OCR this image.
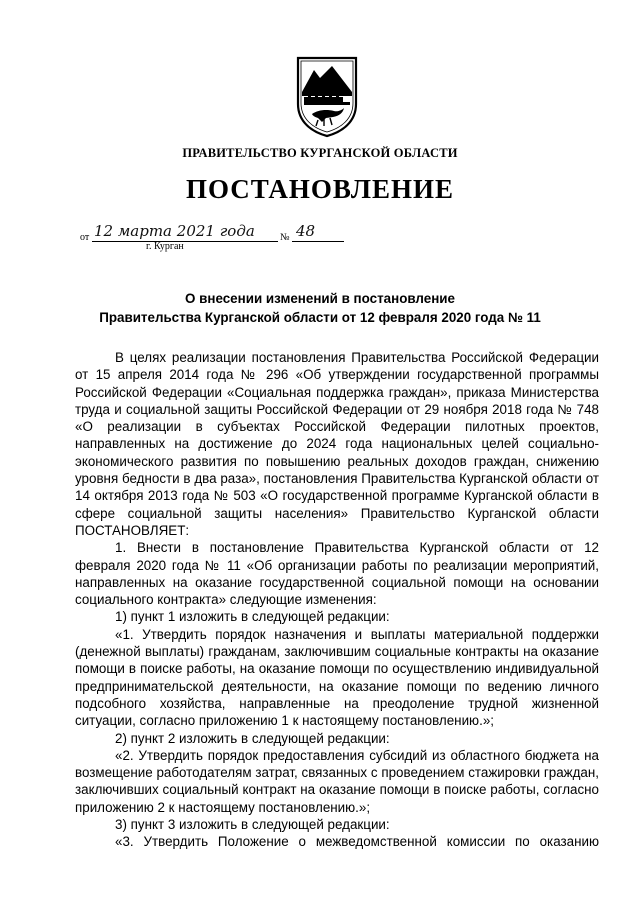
ПРАВИТЕЛЬСТВО КУРГАНСКОЙ ОБЛАСТИ
ПОСТАНОВЛЕНИЕ
от 12 марта 2021 года	№ 48
г. Курган
О внесении изменений в постановление
Правительства Курганской области от 12 февраля 2020 года № 11

В целях реализации постановления Правительства Российской Федерации от 15 апреля 2014 года № 296 «Об утверждении государственной программы Российской Федерации «Социальная поддержка граждан», приказа Министерства труда и социальной защиты Российской Федерации от 29 ноября 2018 года № 748 «О реализации в субъектах Российской Федерации пилотных проектов, направленных на достижение до 2024 года национальных целей социально-экономического развития по повышению реальных доходов граждан, снижению уровня бедности в два раза», постановления Правительства Курганской области от 14 октября 2013 года № 503 «О государственной программе Курганской области в сфере социальной защиты населения» Правительство Курганской области ПОСТАНОВЛЯЕТ:

1. Внести в постановление Правительства Курганской области от 12 февраля 2020 года № 11 «Об организации работы по реализации мероприятий, направленных на оказание государственной социальной помощи на основании социального контракта» следующие изменения:

1) пункт 1 изложить в следующей редакции:

«1. Утвердить порядок назначения и выплаты материальной поддержки (денежной выплаты) гражданам, заключившим социальные контракты на оказание помощи в поиске работы, на оказание помощи по осуществлению индивидуальной предпринимательской деятельности, на оказание помощи по ведению личного подсобного хозяйства, направленные на преодоление трудной жизненной ситуации, согласно приложению 1 к настоящему постановлению.»;

2) пункт 2 изложить в следующей редакции:

«2. Утвердить порядок предоставления субсидий из областного бюджета на возмещение работодателям затрат, связанных с проведением стажировки граждан, заключивших социальный контракт на оказание помощи в поиске работы, согласно приложению 2 к настоящему постановлению.»;

3) пункт 3 изложить в следующей редакции:

«3. Утвердить Положение о межведомственной комиссии по оказанию
